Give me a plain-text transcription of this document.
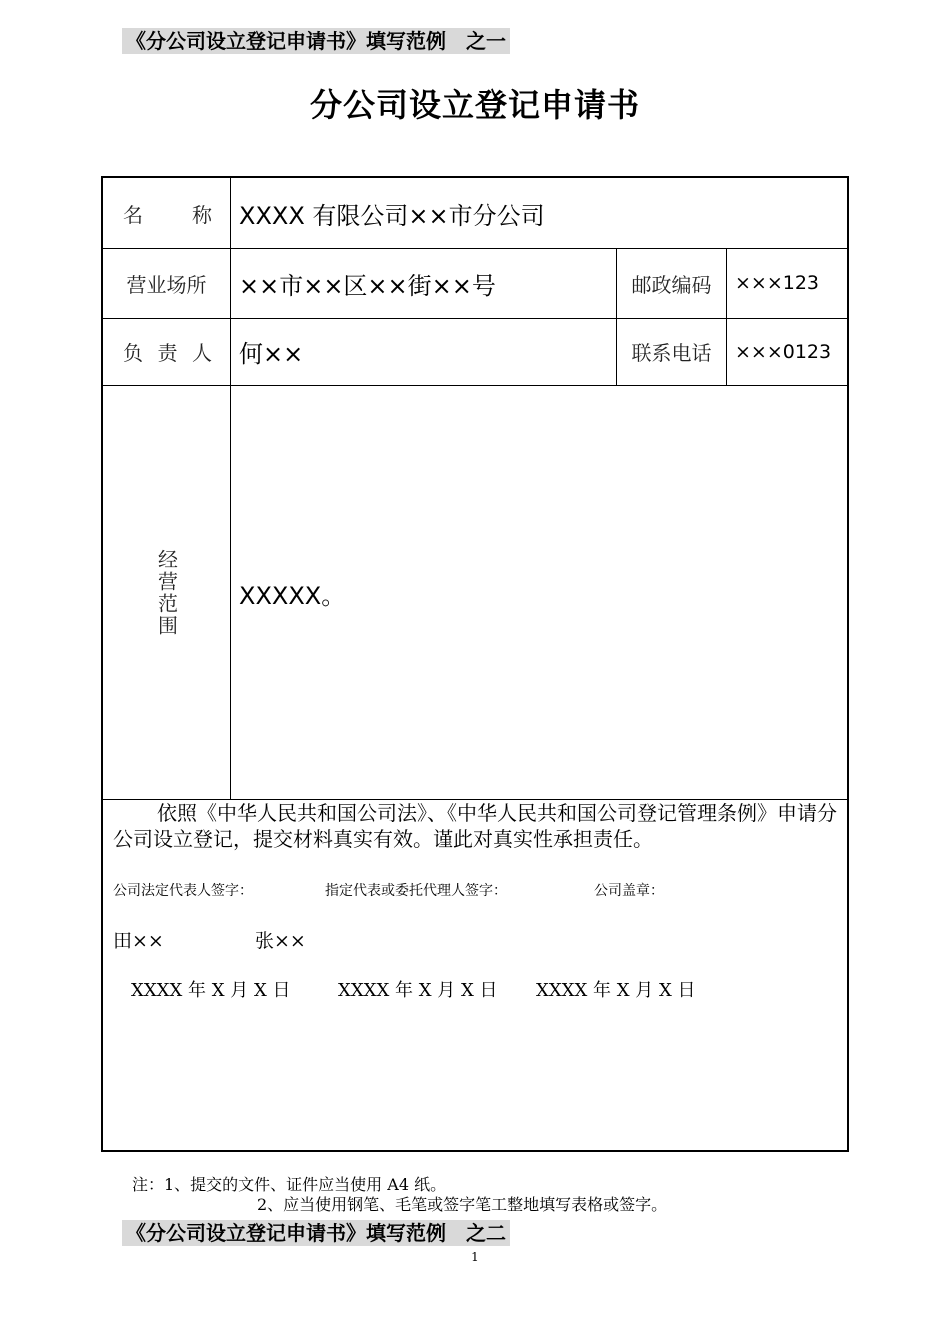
《分公司设立登记申请书》填写范例　之一
分公司设立登记申请书
名 称 XXXX 有限公司××市分公司
营业场所	××市××区××街××号	邮政编码	×××123
负 责 人 何××	联系电话	×××0123
经营范围	XXXXX。
依照《中华人民共和国公司法》、《中华人民共和国公司登记管理条例》申请分公司设立登记，提交材料真实有效。谨此对真实性承担责任。
公司法定代表人签字：	指定代表或委托代理人签字：	公司盖章：
田××	张××
XXXX 年 X 月 X 日	XXXX 年 X 月 X 日 XXXX 年 X 月 X 日
注：1、提交的文件、证件应当使用 A4 纸。
2、应当使用钢笔、毛笔或签字笔工整地填写表格或签字。
《分公司设立登记申请书》填写范例　之二
1
